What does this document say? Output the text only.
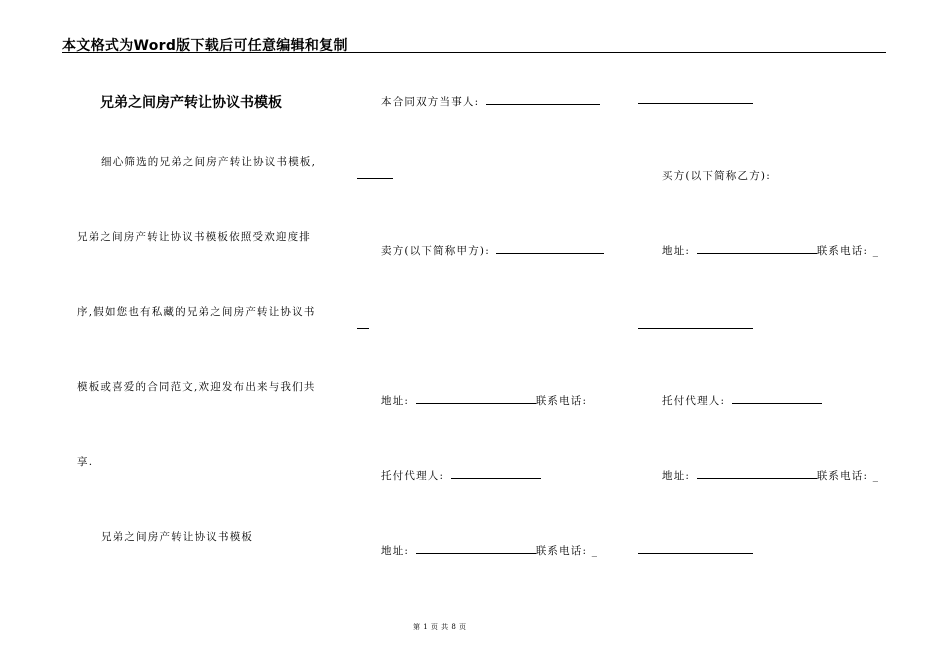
本文格式为Word版下载后可任意编辑和复制
兄弟之间房产转让协议书模板
细心筛选的兄弟之间房产转让协议书模板,
兄弟之间房产转让协议书模板依照受欢迎度排
序,假如您也有私藏的兄弟之间房产转让协议书
模板或喜爱的合同范文,欢迎发布出来与我们共
享.
兄弟之间房产转让协议书模板
本合同双方当事人:
卖方(以下简称甲方):
地址:	联系电话:
托付代理人:
地址:	联系电话: _
买方(以下简称乙方):
地址:	联系电话: _
托付代理人:
地址:	联系电话: _
第 1 页 共 8 页
